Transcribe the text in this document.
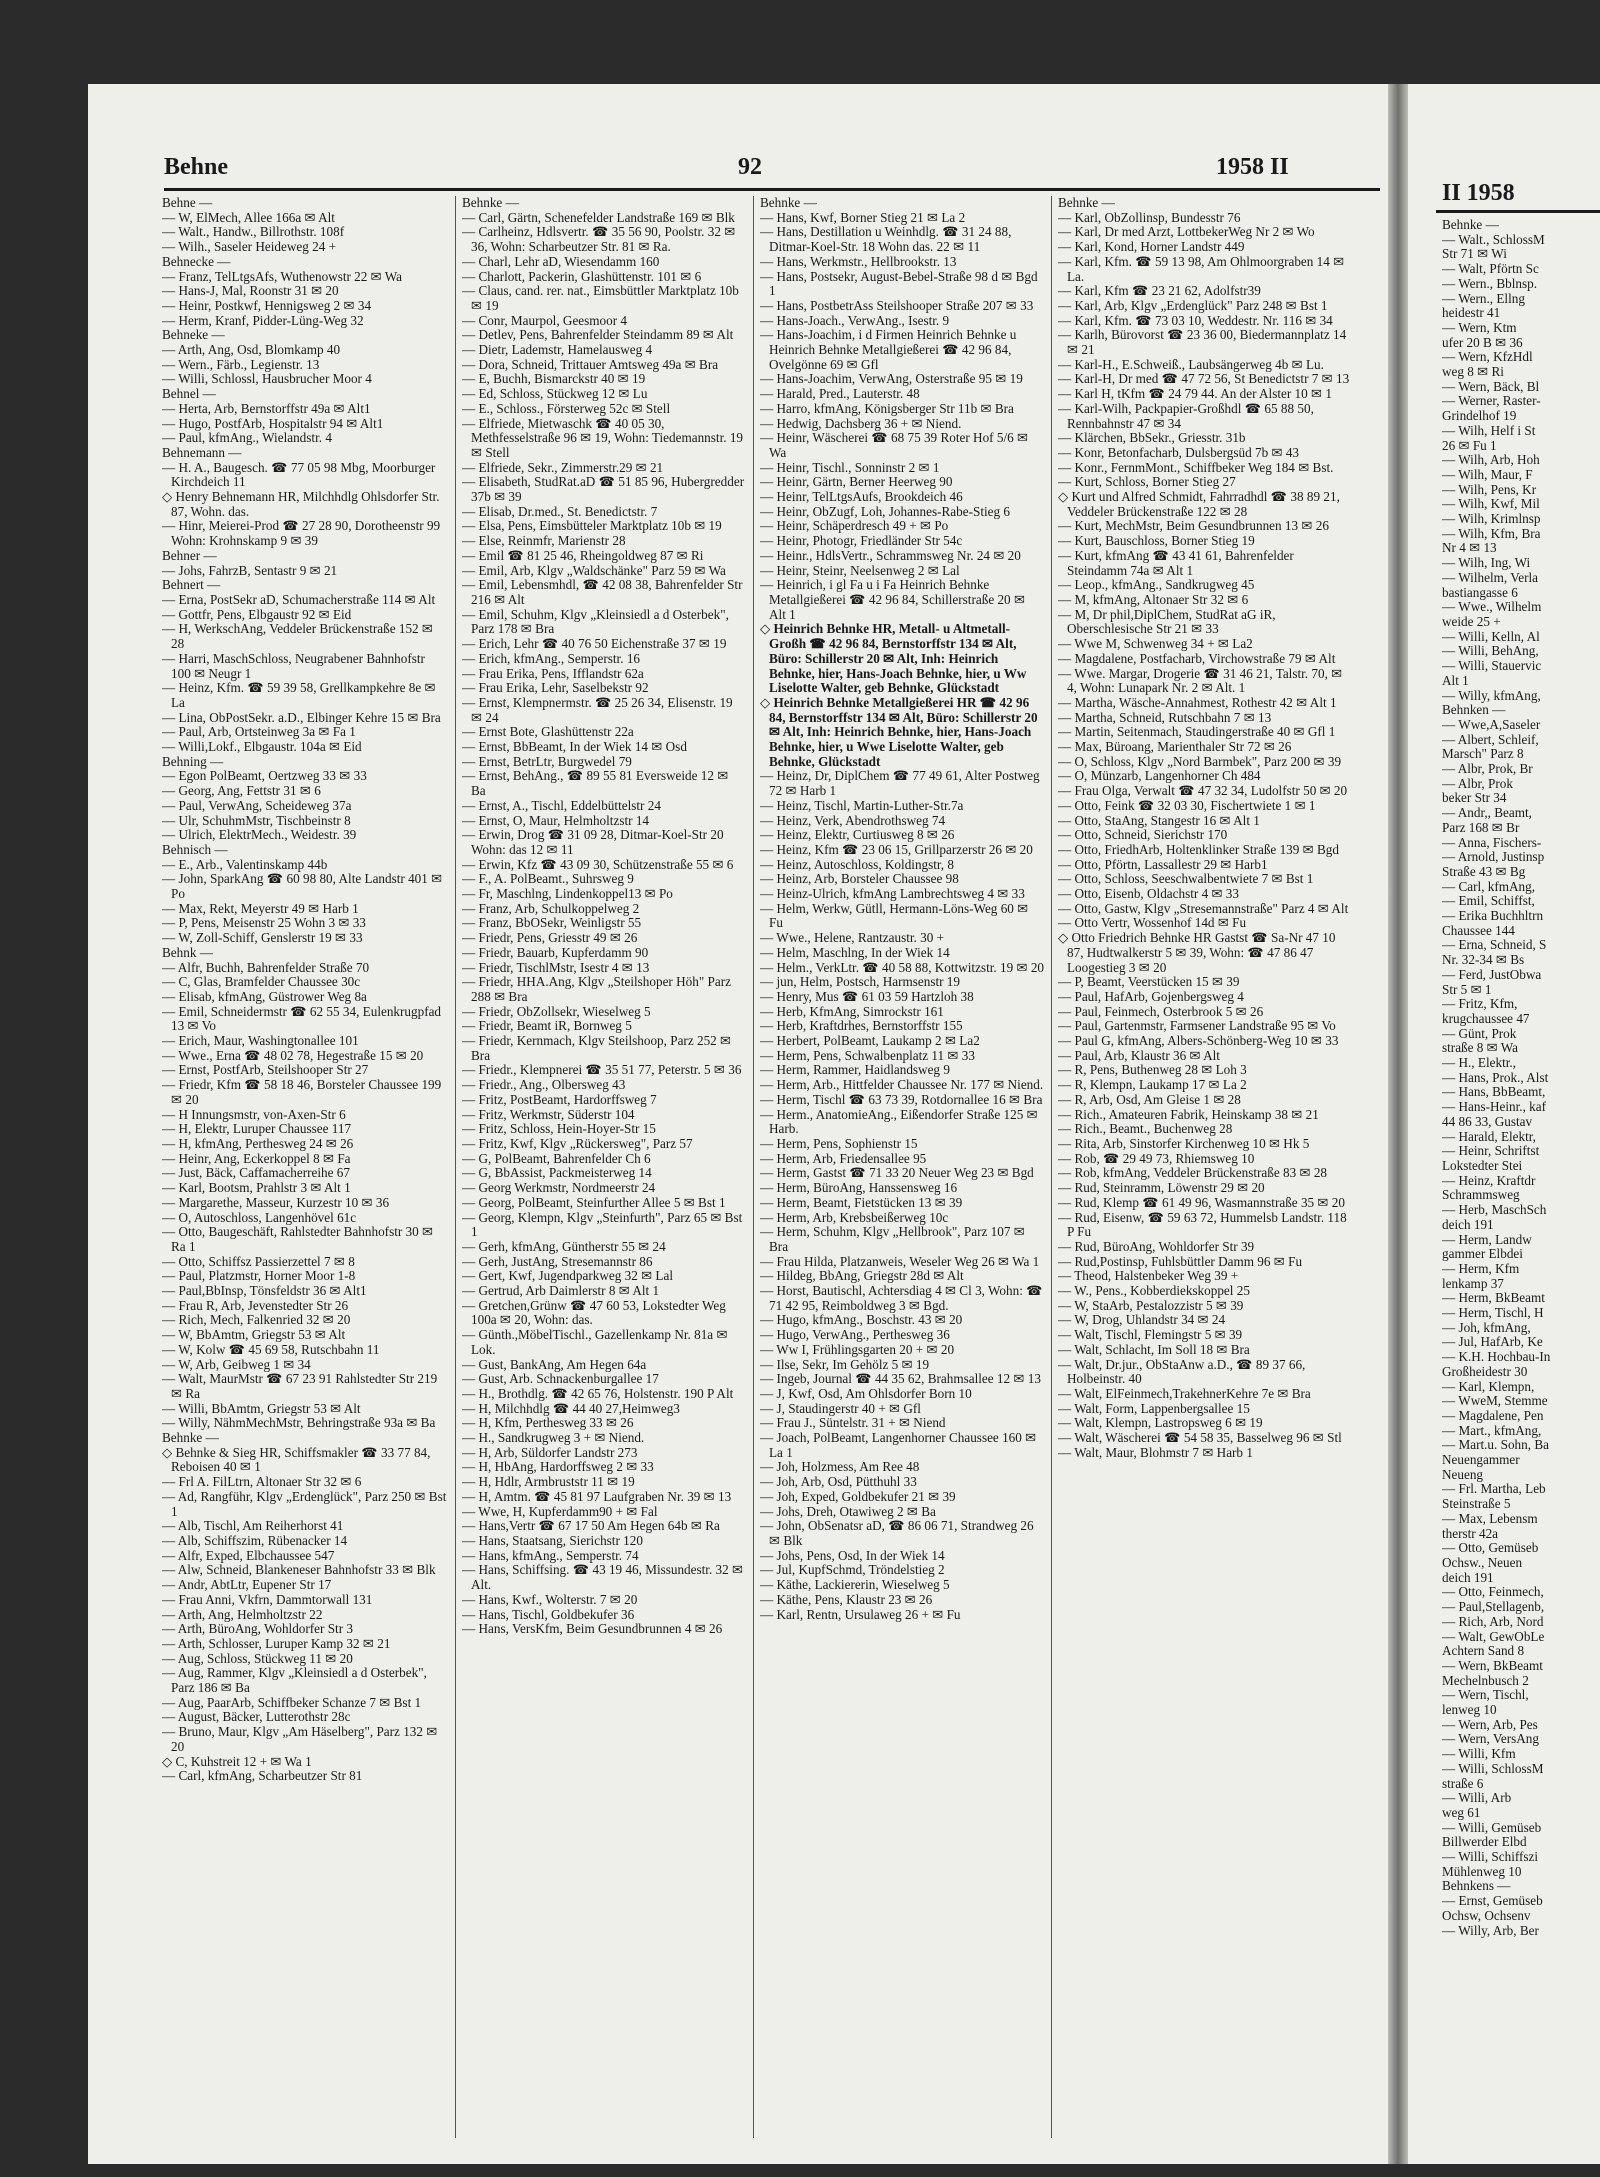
Behne	92	1958 II

Behne —

— W, ElMech, Allee 166a ✉ Alt

— Walt., Handw., Billrothstr. 108f

— Wilh., Saseler Heideweg 24 +

Behnecke —

— Franz, TelLtgsAfs, Wuthenowstr 22 ✉ Wa

— Hans-J, Mal, Roonstr 31 ✉ 20

— Heinr, Postkwf, Hennigsweg 2 ✉ 34

— Herm, Kranf, Pidder-Lüng-Weg 32

Behneke —

— Arth, Ang, Osd, Blomkamp 40

— Wern., Färb., Legienstr. 13

— Willi, Schlossl, Hausbrucher Moor 4

Behnel —

— Herta, Arb, Bernstorffstr 49a ✉ Alt1

— Hugo, PostfArb, Hospitalstr 94 ✉ Alt1

— Paul, kfmAng., Wielandstr. 4

Behnemann —

— H. A., Baugesch. ☎ 77 05 98 Mbg, Moorburger Kirchdeich 11

◇ Henry Behnemann HR, Milchhdlg Ohlsdorfer Str. 87, Wohn. das.

— Hinr, Meierei-Prod ☎ 27 28 90, Dorotheenstr 99 Wohn: Krohnskamp 9 ✉ 39

Behner —

— Johs, FahrzB, Sentastr 9 ✉ 21

Behnert —

— Erna, PostSekr aD, Schumacherstraße 114 ✉ Alt

— Gottfr, Pens, Elbgaustr 92 ✉ Eid

— H, WerkschAng, Veddeler Brückenstraße 152 ✉ 28

— Harri, MaschSchloss, Neugrabener Bahnhofstr 100 ✉ Neugr 1

— Heinz, Kfm. ☎ 59 39 58, Grellkampkehre 8e ✉ La

— Lina, ObPostSekr. a.D., Elbinger Kehre 15 ✉ Bra

— Paul, Arb, Ortsteinweg 3a ✉ Fa 1

— Willi,Lokf., Elbgaustr. 104a ✉ Eid

Behning —

— Egon PolBeamt, Oertzweg 33 ✉ 33

— Georg, Ang, Fettstr 31 ✉ 6

— Paul, VerwAng, Scheideweg 37a

— Ulr, SchuhmMstr, Tischbeinstr 8

— Ulrich, ElektrMech., Weidestr. 39

Behnisch —

— E., Arb., Valentinskamp 44b

— John, SparkAng ☎ 60 98 80, Alte Landstr 401 ✉ Po

— Max, Rekt, Meyerstr 49 ✉ Harb 1

— P, Pens, Meisenstr 25 Wohn 3 ✉ 33

— W, Zoll-Schiff, Genslerstr 19 ✉ 33

Behnk —

— Alfr, Buchh, Bahrenfelder Straße 70

— C, Glas, Bramfelder Chaussee 30c

— Elisab, kfmAng, Güstrower Weg 8a

— Emil, Schneidermstr ☎ 62 55 34, Eulenkrugpfad 13 ✉ Vo

— Erich, Maur, Washingtonallee 101

— Wwe., Erna ☎ 48 02 78, Hegestraße 15 ✉ 20

— Ernst, PostfArb, Steilshooper Str 27

— Friedr, Kfm ☎ 58 18 46, Borsteler Chaussee 199 ✉ 20

— H Innungsmstr, von-Axen-Str 6

— H, Elektr, Luruper Chaussee 117

— H, kfmAng, Perthesweg 24 ✉ 26

— Heinr, Ang, Eckerkoppel 8 ✉ Fa

— Just, Bäck, Caffamacherreihe 67

— Karl, Bootsm, Prahlstr 3 ✉ Alt 1

— Margarethe, Masseur, Kurzestr 10 ✉ 36

— O, Autoschloss, Langenhövel 61c

— Otto, Baugeschäft, Rahlstedter Bahnhofstr 30 ✉ Ra 1

— Otto, Schiffsz Passierzettel 7 ✉ 8

— Paul, Platzmstr, Horner Moor 1-8

— Paul,BbInsp, Tönsfeldstr 36 ✉ Alt1

— Frau R, Arb, Jevenstedter Str 26

— Rich, Mech, Falkenried 32 ✉ 20

— W, BbAmtm, Griegstr 53 ✉ Alt

— W, Kolw ☎ 45 69 58, Rutschbahn 11

— W, Arb, Geibweg 1 ✉ 34

— Walt, MaurMstr ☎ 67 23 91 Rahlstedter Str 219 ✉ Ra

— Willi, BbAmtm, Griegstr 53 ✉ Alt

— Willy, NähmMechMstr, Behringstraße 93a ✉ Ba

Behnke —

◇ Behnke & Sieg HR, Schiffsmakler ☎ 33 77 84, Reboisen 40 ✉ 1

— Frl A. FilLtrn, Altonaer Str 32 ✉ 6

— Ad, Rangführ, Klgv „Erdenglück", Parz 250 ✉ Bst 1

— Alb, Tischl, Am Reiherhorst 41

— Alb, Schiffszim, Rübenacker 14

— Alfr, Exped, Elbchaussee 547

— Alw, Schneid, Blankeneser Bahnhofstr 33 ✉ Blk

— Andr, AbtLtr, Eupener Str 17

— Frau Anni, Vkfrn, Dammtorwall 131

— Arth, Ang, Helmholtzstr 22

— Arth, BüroAng, Wohldorfer Str 3

— Arth, Schlosser, Luruper Kamp 32 ✉ 21

— Aug, Schloss, Stückweg 11 ✉ 20

— Aug, Rammer, Klgv „Kleinsiedl a d Osterbek", Parz 186 ✉ Ba

— Aug, PaarArb, Schiffbeker Schanze 7 ✉ Bst 1

— August, Bäcker, Lutterothstr 28c

— Bruno, Maur, Klgv „Am Häselberg", Parz 132 ✉ 20

◇ C, Kuhstreit 12 + ✉ Wa 1

— Carl, kfmAng, Scharbeutzer Str 81

Behnke —

— Carl, Gärtn, Schenefelder Landstraße 169 ✉ Blk

— Carlheinz, Hdlsvertr. ☎ 35 56 90, Poolstr. 32 ✉ 36, Wohn: Scharbeutzer Str. 81 ✉ Ra.

— Charl, Lehr aD, Wiesendamm 160

— Charlott, Packerin, Glashüttenstr. 101 ✉ 6

— Claus, cand. rer. nat., Eimsbüttler Marktplatz 10b ✉ 19

— Conr, Maurpol, Geesmoor 4

— Detlev, Pens, Bahrenfelder Steindamm 89 ✉ Alt

— Dietr, Lademstr, Hamelausweg 4

— Dora, Schneid, Trittauer Amtsweg 49a ✉ Bra

— E, Buchh, Bismarckstr 40 ✉ 19

— Ed, Schloss, Stückweg 12 ✉ Lu

— E., Schloss., Försterweg 52c ✉ Stell

— Elfriede, Mietwaschk ☎ 40 05 30, Methfesselstraße 96 ✉ 19, Wohn: Tiedemannstr. 19 ✉ Stell

— Elfriede, Sekr., Zimmerstr.29 ✉ 21

— Elisabeth, StudRat.aD ☎ 51 85 96, Hubergredder 37b ✉ 39

— Elisab, Dr.med., St. Benedictstr. 7

— Elsa, Pens, Eimsbütteler Marktplatz 10b ✉ 19

— Else, Reinmfr, Marienstr 28

— Emil ☎ 81 25 46, Rheingoldweg 87 ✉ Ri

— Emil, Arb, Klgv „Waldschänke" Parz 59 ✉ Wa

— Emil, Lebensmhdl, ☎ 42 08 38, Bahrenfelder Str 216 ✉ Alt

— Emil, Schuhm, Klgv „Kleinsiedl a d Osterbek", Parz 178 ✉ Bra

— Erich, Lehr ☎ 40 76 50 Eichenstraße 37 ✉ 19

— Erich, kfmAng., Semperstr. 16

— Frau Erika, Pens, Ifflandstr 62a

— Frau Erika, Lehr, Saselbekstr 92

— Ernst, Klempnermstr. ☎ 25 26 34, Elisenstr. 19 ✉ 24

— Ernst Bote, Glashüttenstr 22a

— Ernst, BbBeamt, In der Wiek 14 ✉ Osd

— Ernst, BetrLtr, Burgwedel 79

— Ernst, BehAng., ☎ 89 55 81 Eversweide 12 ✉ Ba

— Ernst, A., Tischl, Eddelbüttelstr 24

— Ernst, O, Maur, Helmholtzstr 14

— Erwin, Drog ☎ 31 09 28, Ditmar-Koel-Str 20 Wohn: das 12 ✉ 11

— Erwin, Kfz ☎ 43 09 30, Schützenstraße 55 ✉ 6

— F., A. PolBeamt., Suhrsweg 9

— Fr, Maschlng, Lindenkoppel13 ✉ Po

— Franz, Arb, Schulkoppelweg 2

— Franz, BbOSekr, Weinligstr 55

— Friedr, Pens, Griesstr 49 ✉ 26

— Friedr, Bauarb, Kupferdamm 90

— Friedr, TischlMstr, Isestr 4 ✉ 13

— Friedr, HHA.Ang, Klgv „Steilshoper Höh" Parz 288 ✉ Bra

— Friedr, ObZollsekr, Wieselweg 5

— Friedr, Beamt iR, Bornweg 5

— Friedr, Kernmach, Klgv Steilshoop, Parz 252 ✉ Bra

— Friedr., Klempnerei ☎ 35 51 77, Peterstr. 5 ✉ 36

— Friedr., Ang., Olbersweg 43

— Fritz, PostBeamt, Hardorffsweg 7

— Fritz, Werkmstr, Süderstr 104

— Fritz, Schloss, Hein-Hoyer-Str 15

— Fritz, Kwf, Klgv „Rückersweg", Parz 57

— G, PolBeamt, Bahrenfelder Ch 6

— G, BbAssist, Packmeisterweg 14

— Georg Werkmstr, Nordmeerstr 24

— Georg, PolBeamt, Steinfurther Allee 5 ✉ Bst 1

— Georg, Klempn, Klgv „Steinfurth", Parz 65 ✉ Bst 1

— Gerh, kfmAng, Güntherstr 55 ✉ 24

— Gerh, JustAng, Stresemannstr 86

— Gert, Kwf, Jugendparkweg 32 ✉ Lal

— Gertrud, Arb Daimlerstr 8 ✉ Alt 1

— Gretchen,Grünw ☎ 47 60 53, Lokstedter Weg 100a ✉ 20, Wohn: das.

— Günth.,MöbelTischl., Gazellenkamp Nr. 81a ✉ Lok.

— Gust, BankAng, Am Hegen 64a

— Gust, Arb. Schnackenburgallee 17

— H., Brothdlg. ☎ 42 65 76, Holstenstr. 190 P Alt

— H, Milchhdlg ☎ 44 40 27,Heimweg3

— H, Kfm, Perthesweg 33 ✉ 26

— H., Sandkrugweg 3 + ✉ Niend.

— H, Arb, Süldorfer Landstr 273

— H, HbAng, Hardorffsweg 2 ✉ 33

— H, Hdlr, Armbruststr 11 ✉ 19

— H, Amtm. ☎ 45 81 97 Laufgraben Nr. 39 ✉ 13

— Wwe, H, Kupferdamm90 + ✉ Fal

— Hans,Vertr ☎ 67 17 50 Am Hegen 64b ✉ Ra

— Hans, Staatsang, Sierichstr 120

— Hans, kfmAng., Semperstr. 74

— Hans, Schiffsing. ☎ 43 19 46, Missundestr. 32 ✉ Alt.

— Hans, Kwf., Wolterstr. 7 ✉ 20

— Hans, Tischl, Goldbekufer 36

— Hans, VersKfm, Beim Gesundbrunnen 4 ✉ 26

Behnke —

— Hans, Kwf, Borner Stieg 21 ✉ La 2

— Hans, Destillation u Weinhdlg. ☎ 31 24 88, Ditmar-Koel-Str. 18 Wohn das. 22 ✉ 11

— Hans, Werkmstr., Hellbrookstr. 13

— Hans, Postsekr, August-Bebel-Straße 98 d ✉ Bgd 1

— Hans, PostbetrAss Steilshooper Straße 207 ✉ 33

— Hans-Joach., VerwAng., Isestr. 9

— Hans-Joachim, i d Firmen Heinrich Behnke u Heinrich Behnke Metallgießerei ☎ 42 96 84, Ovelgönne 69 ✉ Gfl

— Hans-Joachim, VerwAng, Osterstraße 95 ✉ 19

— Harald, Pred., Lauterstr. 48

— Harro, kfmAng, Königsberger Str 11b ✉ Bra

— Hedwig, Dachsberg 36 + ✉ Niend.

— Heinr, Wäscherei ☎ 68 75 39 Roter Hof 5/6 ✉ Wa

— Heinr, Tischl., Sonninstr 2 ✉ 1

— Heinr, Gärtn, Berner Heerweg 90

— Heinr, TelLtgsAufs, Brookdeich 46

— Heinr, ObZugf, Loh, Johannes-Rabe-Stieg 6

— Heinr, Schäperdresch 49 + ✉ Po

— Heinr, Photogr, Friedländer Str 54c

— Heinr., HdlsVertr., Schrammsweg Nr. 24 ✉ 20

— Heinr, Steinr, Neelsenweg 2 ✉ Lal

— Heinrich, i gl Fa u i Fa Heinrich Behnke Metallgießerei ☎ 42 96 84, Schillerstraße 20 ✉ Alt 1

◇ Heinrich Behnke HR, Metall- u Altmetall-Großh ☎ 42 96 84, Bernstorffstr 134 ✉ Alt, Büro: Schillerstr 20 ✉ Alt, Inh: Heinrich Behnke, hier, Hans-Joach Behnke, hier, u Ww Liselotte Walter, geb Behnke, Glückstadt

◇ Heinrich Behnke Metallgießerei HR ☎ 42 96 84, Bernstorffstr 134 ✉ Alt, Büro: Schillerstr 20 ✉ Alt, Inh: Heinrich Behnke, hier, Hans-Joach Behnke, hier, u Wwe Liselotte Walter, geb Behnke, Glückstadt

— Heinz, Dr, DiplChem ☎ 77 49 61, Alter Postweg 72 ✉ Harb 1

— Heinz, Tischl, Martin-Luther-Str.7a

— Heinz, Verk, Abendrothsweg 74

— Heinz, Elektr, Curtiusweg 8 ✉ 26

— Heinz, Kfm ☎ 23 06 15, Grillparzerstr 26 ✉ 20

— Heinz, Autoschloss, Koldingstr, 8

— Heinz, Arb, Borsteler Chaussee 98

— Heinz-Ulrich, kfmAng Lambrechtsweg 4 ✉ 33

— Helm, Werkw, Gütll, Hermann-Löns-Weg 60 ✉ Fu

— Wwe., Helene, Rantzaustr. 30 +

— Helm, Maschlng, In der Wiek 14

— Helm., VerkLtr. ☎ 40 58 88, Kottwitzstr. 19 ✉ 20

— jun, Helm, Postsch, Harmsenstr 19

— Henry, Mus ☎ 61 03 59 Hartzloh 38

— Herb, KfmAng, Simrockstr 161

— Herb, Kraftdrhes, Bernstorffstr 155

— Herbert, PolBeamt, Laukamp 2 ✉ La2

— Herm, Pens, Schwalbenplatz 11 ✉ 33

— Herm, Rammer, Haidlandsweg 9

— Herm, Arb., Hittfelder Chaussee Nr. 177 ✉ Niend.

— Herm, Tischl ☎ 63 73 39, Rotdornallee 16 ✉ Bra

— Herm., AnatomieAng., Eißendorfer Straße 125 ✉ Harb.

— Herm, Pens, Sophienstr 15

— Herm, Arb, Friedensallee 95

— Herm, Gastst ☎ 71 33 20 Neuer Weg 23 ✉ Bgd

— Herm, BüroAng, Hanssensweg 16

— Herm, Beamt, Fietstücken 13 ✉ 39

— Herm, Arb, Krebsbeißerweg 10c

— Herm, Schuhm, Klgv „Hellbrook", Parz 107 ✉ Bra

— Frau Hilda, Platzanweis, Weseler Weg 26 ✉ Wa 1

— Hildeg, BbAng, Griegstr 28d ✉ Alt

— Horst, Bautischl, Achtersdiag 4 ✉ Cl 3, Wohn: ☎ 71 42 95, Reimboldweg 3 ✉ Bgd.

— Hugo, kfmAng., Boschstr. 43 ✉ 20

— Hugo, VerwAng., Perthesweg 36

— Ww I, Frühlingsgarten 20 + ✉ 20

— Ilse, Sekr, Im Gehölz 5 ✉ 19

— Ingeb, Journal ☎ 44 35 62, Brahmsallee 12 ✉ 13

— J, Kwf, Osd, Am Ohlsdorfer Born 10

— J, Staudingerstr 40 + ✉ Gfl

— Frau J., Süntelstr. 31 + ✉ Niend

— Joach, PolBeamt, Langenhorner Chaussee 160 ✉ La 1

— Joh, Holzmess, Am Ree 48

— Joh, Arb, Osd, Pütthuhl 33

— Joh, Exped, Goldbekufer 21 ✉ 39

— Johs, Dreh, Otawiweg 2 ✉ Ba

— John, ObSenatsr aD, ☎ 86 06 71, Strandweg 26 ✉ Blk

— Johs, Pens, Osd, In der Wiek 14

— Jul, KupfSchmd, Tröndelstieg 2

— Käthe, Lackiererin, Wieselweg 5

— Käthe, Pens, Klaustr 23 ✉ 26

— Karl, Rentn, Ursulaweg 26 + ✉ Fu

Behnke —

— Karl, ObZollinsp, Bundesstr 76

— Karl, Dr med Arzt, LottbekerWeg Nr 2 ✉ Wo

— Karl, Kond, Horner Landstr 449

— Karl, Kfm. ☎ 59 13 98, Am Ohlmoorgraben 14 ✉ La.

— Karl, Kfm ☎ 23 21 62, Adolfstr39

— Karl, Arb, Klgv „Erdenglück" Parz 248 ✉ Bst 1

— Karl, Kfm. ☎ 73 03 10, Weddestr. Nr. 116 ✉ 34

— Karlh, Bürovorst ☎ 23 36 00, Biedermannplatz 14 ✉ 21

— Karl-H., E.Schweiß., Laubsängerweg 4b ✉ Lu.

— Karl-H, Dr med ☎ 47 72 56, St Benedictstr 7 ✉ 13

— Karl H, tKfm ☎ 24 79 44. An der Alster 10 ✉ 1

— Karl-Wilh, Packpapier-Großhdl ☎ 65 88 50, Rennbahnstr 47 ✉ 34

— Klärchen, BbSekr., Griesstr. 31b

— Konr, Betonfacharb, Dulsbergsüd 7b ✉ 43

— Konr., FernmMont., Schiffbeker Weg 184 ✉ Bst.

— Kurt, Schloss, Borner Stieg 27

◇ Kurt und Alfred Schmidt, Fahrradhdl ☎ 38 89 21, Veddeler Brückenstraße 122 ✉ 28

— Kurt, MechMstr, Beim Gesundbrunnen 13 ✉ 26

— Kurt, Bauschloss, Borner Stieg 19

— Kurt, kfmAng ☎ 43 41 61, Bahrenfelder Steindamm 74a ✉ Alt 1

— Leop., kfmAng., Sandkrugweg 45

— M, kfmAng, Altonaer Str 32 ✉ 6

— M, Dr phil,DiplChem, StudRat aG iR, Oberschlesische Str 21 ✉ 33

— Wwe M, Schwenweg 34 + ✉ La2

— Magdalene, Postfacharb, Virchowstraße 79 ✉ Alt

— Wwe. Margar, Drogerie ☎ 31 46 21, Talstr. 70, ✉ 4, Wohn: Lunapark Nr. 2 ✉ Alt. 1

— Martha, Wäsche-Annahmest, Rothestr 42 ✉ Alt 1

— Martha, Schneid, Rutschbahn 7 ✉ 13

— Martin, Seitenmach, Staudingerstraße 40 ✉ Gfl 1

— Max, Büroang, Marienthaler Str 72 ✉ 26

— O, Schloss, Klgv „Nord Barmbek", Parz 200 ✉ 39

— O, Münzarb, Langenhorner Ch 484

— Frau Olga, Verwalt ☎ 47 32 34, Ludolfstr 50 ✉ 20

— Otto, Feink ☎ 32 03 30, Fischertwiete 1 ✉ 1

— Otto, StaAng, Stangestr 16 ✉ Alt 1

— Otto, Schneid, Sierichstr 170

— Otto, FriedhArb, Holtenklinker Straße 139 ✉ Bgd

— Otto, Pförtn, Lassallestr 29 ✉ Harb1

— Otto, Schloss, Seeschwalbentwiete 7 ✉ Bst 1

— Otto, Eisenb, Oldachstr 4 ✉ 33

— Otto, Gastw, Klgv „Stresemannstraße" Parz 4 ✉ Alt

— Otto Vertr, Wossenhof 14d ✉ Fu

◇ Otto Friedrich Behnke HR Gastst ☎ Sa-Nr 47 10 87, Hudtwalkerstr 5 ✉ 39, Wohn: ☎ 47 86 47 Loogestieg 3 ✉ 20

— P, Beamt, Veerstücken 15 ✉ 39

— Paul, HafArb, Gojenbergsweg 4

— Paul, Feinmech, Osterbrook 5 ✉ 26

— Paul, Gartenmstr, Farmsener Landstraße 95 ✉ Vo

— Paul G, kfmAng, Albers-Schönberg-Weg 10 ✉ 33

— Paul, Arb, Klaustr 36 ✉ Alt

— R, Pens, Buthenweg 28 ✉ Loh 3

— R, Klempn, Laukamp 17 ✉ La 2

— R, Arb, Osd, Am Gleise 1 ✉ 28

— Rich., Amateuren Fabrik, Heinskamp 38 ✉ 21

— Rich., Beamt., Buchenweg 28

— Rita, Arb, Sinstorfer Kirchenweg 10 ✉ Hk 5

— Rob, ☎ 29 49 73, Rhiemsweg 10

— Rob, kfmAng, Veddeler Brückenstraße 83 ✉ 28

— Rud, Steinramm, Löwenstr 29 ✉ 20

— Rud, Klemp ☎ 61 49 96, Wasmannstraße 35 ✉ 20

— Rud, Eisenw, ☎ 59 63 72, Hummelsb Landstr. 118 P Fu

— Rud, BüroAng, Wohldorfer Str 39

— Rud,Postinsp, Fuhlsbüttler Damm 96 ✉ Fu

— Theod, Halstenbeker Weg 39 +

— W., Pens., Kobberdiekskoppel 25

— W, StaArb, Pestalozzistr 5 ✉ 39

— W, Drog, Uhlandstr 34 ✉ 24

— Walt, Tischl, Flemingstr 5 ✉ 39

— Walt, Schlacht, Im Soll 18 ✉ Bra

— Walt, Dr.jur., ObStaAnw a.D., ☎ 89 37 66, Holbeinstr. 40

— Walt, ElFeinmech,TrakehnerKehre 7e ✉ Bra

— Walt, Form, Lappenbergsallee 15

— Walt, Klempn, Lastropsweg 6 ✉ 19

— Walt, Wäscherei ☎ 54 58 35, Basselweg 96 ✉ Stl

— Walt, Maur, Blohmstr 7 ✉ Harb 1

II 1958
Behnke —
— Walt., SchlossM
Str 71 ✉ Wi
— Walt, Pförtn Sc
— Wern., Bblnsp.
— Wern., Ellng
heidestr 41
— Wern, Ktm
ufer 20 B ✉ 36
— Wern, KfzHdl
weg 8 ✉ Ri
— Wern, Bäck, Bl
— Werner, Raster-
Grindelhof 19
— Wilh, Helf i St
26 ✉ Fu 1
— Wilh, Arb, Hoh
— Wilh, Maur, F
— Wilh, Pens, Kr
— Wilh, Kwf, Mil
— Wilh, Krimlnsp
— Wilh, Kfm, Bra
Nr 4 ✉ 13
— Wilh, Ing, Wi
— Wilhelm, Verla
bastiangasse 6
— Wwe., Wilhelm
weide 25 +
— Willi, Kelln, Al
— Willi, BehAng,
— Willi, Stauervic
Alt 1
— Willy, kfmAng,
Behnken —
— Wwe,A,Saseler
— Albert, Schleif,
Marsch" Parz 8
— Albr, Prok, Br
— Albr, Prok
beker Str 34
— Andr,, Beamt,
Parz 168 ✉ Br
— Anna, Fischers-
— Arnold, Justinsp
Straße 43 ✉ Bg
— Carl, kfmAng,
— Emil, Schiffst,
— Erika Buchhltrn
Chaussee 144
— Erna, Schneid, S
Nr. 32-34 ✉ Bs
— Ferd, JustObwa
Str 5 ✉ 1
— Fritz, Kfm,
krugchaussee 47
— Günt, Prok
straße 8 ✉ Wa
— H., Elektr.,
— Hans, Prok., Alst
— Hans, BbBeamt,
— Hans-Heinr., kaf
44 86 33, Gustav
— Harald, Elektr,
— Heinr, Schriftst
Lokstedter Stei
— Heinz, Kraftdr
Schrammsweg
— Herb, MaschSch
deich 191
— Herm, Landw
gammer Elbdei
— Herm, Kfm
lenkamp 37
— Herm, BkBeamt
— Herm, Tischl, H
— Joh, kfmAng,
— Jul, HafArb, Ke
— K.H. Hochbau-In
Großheidestr 30
— Karl, Klempn,
— WweM, Stemme
— Magdalene, Pen
— Mart., kfmAng,
— Mart.u. Sohn, Ba
Neuengammer
Neueng
— Frl. Martha, Leb
Steinstraße 5
— Max, Lebensm
therstr 42a
— Otto, Gemüseb
Ochsw., Neuen
deich 191
— Otto, Feinmech,
— Paul,Stellagenb,
— Rich, Arb, Nord
— Walt, GewObLe
Achtern Sand 8
— Wern, BkBeamt
Mechelnbusch 2
— Wern, Tischl,
lenweg 10
— Wern, Arb, Pes
— Wern, VersAng
— Willi, Kfm
— Willi, SchlossM
straße 6
— Willi, Arb
weg 61
— Willi, Gemüseb
Billwerder Elbd
— Willi, Schiffszi
Mühlenweg 10
Behnkens —
— Ernst, Gemüseb
Ochsw, Ochsenv
— Willy, Arb, Ber
